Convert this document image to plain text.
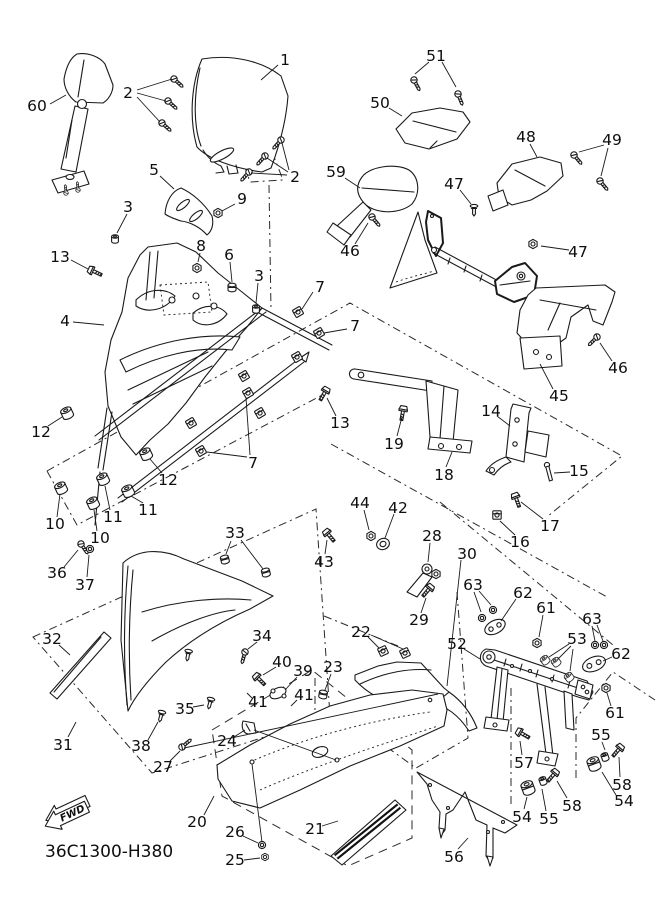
60
1
2
2
5
9
3
13
8 6
3
7
7
7
59
51
50
48	49
47
47
46
46
45
4
12
12
10 11 11
10
36
37
13
19
18
14
15
16
17
44 42
43
33	28
30
29
63 62
61
53
63
62
61
52
22
23
34
40 39
41 41
24
35
38
27
32
31
20
26
25
21
56
57
58
54
55
58
54 55
FWD
36C1300-H380
